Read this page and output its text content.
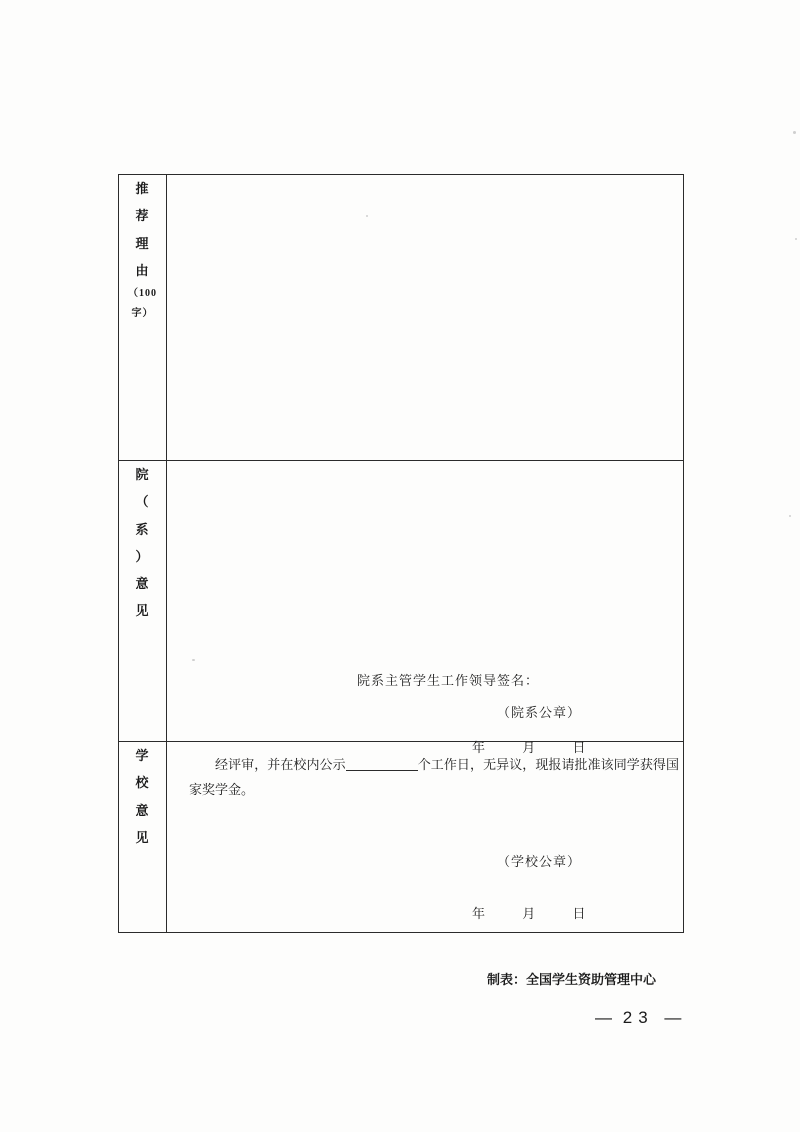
推
荐
理
由
（100
字）

院
（
系
）
意
见

院系主管学生工作领导签名：
（院系公章）
年	月	日

学
校
意
见

经评审，并在校内公示	个工作日，无异议，现报请批准该同学获得国家奖学金。
（学校公章）
年	月	日
制表：全国学生资助管理中心
— 23 —
